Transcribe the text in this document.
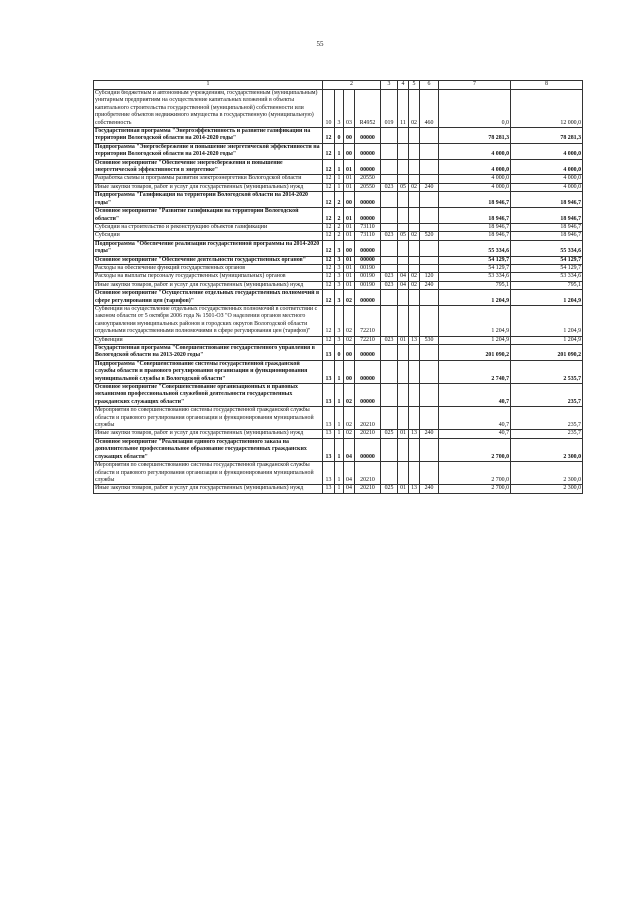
55
1	2				3	4	5	6	7	8
Субсидии бюджетным и автономным учреждениям, государственным (муниципальным) унитарным предприятиям на осуществление капитальных вложений в объекты капитального строительства государственной (муниципальной) собственности или приобретение объектов недвижимого имущества в государственную (муниципальную) собственность	10	3	03	R4952	019	11	02	460	0,0	12 000,0
Государственная программа "Энергоэффективность и развитие газификации на территории Вологодской области на 2014-2020 годы"	12	0	00	00000					78 281,3	78 281,3
Подпрограмма "Энергосбережение и повышение энергетической эффективности на территории Вологодской области на 2014-2020 годы"	12	1	00	00000					4 000,0	4 000,0
Основное мероприятие "Обеспечение энергосбережения и повышение энергетической эффективности в энергетике"	12	1	01	00000					4 000,0	4 000,0
Разработка схемы и программы развития электроэнергетики Вологодской области	12	1	01	20550					4 000,0	4 000,0
Иные закупки товаров, работ и услуг для государственных (муниципальных) нужд	12	1	01	20550	023	05	02	240	4 000,0	4 000,0
Подпрограмма "Газификация на территории Вологодской области на 2014-2020 годы"	12	2	00	00000					18 946,7	18 946,7
Основное мероприятие "Развитие газификации на территории Вологодской области"	12	2	01	00000					18 946,7	18 946,7
Субсидии на строительство и реконструкцию объектов газификации	12	2	01	73110					18 946,7	18 946,7
Субсидии	12	2	01	73110	023	05	02	520	18 946,7	18 946,7
Подпрограмма "Обеспечение реализации государственной программы на 2014-2020 годы"	12	3	00	00000					55 334,6	55 334,6
Основное мероприятие "Обеспечение деятельности государственных органов"	12	3	01	00000					54 129,7	54 129,7
Расходы на обеспечение функций государственных органов	12	3	01	00190					54 129,7	54 129,7
Расходы на выплаты персоналу государственных (муниципальных) органов	12	3	01	00190	023	04	02	120	53 334,6	53 334,6
Иные закупки товаров, работ и услуг для государственных (муниципальных) нужд	12	3	01	00190	023	04	02	240	795,1	795,1
Основное мероприятие "Осуществление отдельных государственных полномочий в сфере регулирования цен (тарифов)"	12	3	02	00000					1 204,9	1 204,9
Субвенции на осуществление отдельных государственных полномочий в соответствии с законом области от 5 октября 2006 года № 1501-ОЗ "О наделении органов местного самоуправления муниципальных районов и городских округов Вологодской области отдельными государственными полномочиями в сфере регулирования цен (тарифов)"	12	3	02	72210					1 204,9	1 204,9
Субвенции	12	3	02	72210	023	01	13	530	1 204,9	1 204,9
Государственная программа "Совершенствование государственного управления в Вологодской области на 2013-2020 годы"	13	0	00	00000					201 090,2	201 090,2
Подпрограмма "Совершенствование системы государственной гражданской службы области и правового регулирования организации и функционирования муниципальной службы в Вологодской области"	13	1	00	00000					2 740,7	2 535,7
Основное мероприятие "Совершенствование организационных и правовых механизмов профессиональной служебной деятельности государственных гражданских служащих области"	13	1	02	00000					40,7	235,7
Мероприятия по совершенствованию системы государственной гражданской службы области и правового регулирования организации и функционирования муниципальной службы	13	1	02	20210					40,7	235,7
Иные закупки товаров, работ и услуг для государственных (муниципальных) нужд	13	1	02	20210	025	01	13	240	40,7	235,7
Основное мероприятие "Реализация единого государственного заказа на дополнительное профессиональное образование государственных гражданских служащих области"	13	1	04	00000					2 700,0	2 300,0
Мероприятия по совершенствованию системы государственной гражданской службы области и правового регулирования организации и функционирования муниципальной службы	13	1	04	20210					2 700,0	2 300,0
Иные закупки товаров, работ и услуг для государственных (муниципальных) нужд	13	1	04	20210	025	01	13	240	2 700,0	2 300,0
